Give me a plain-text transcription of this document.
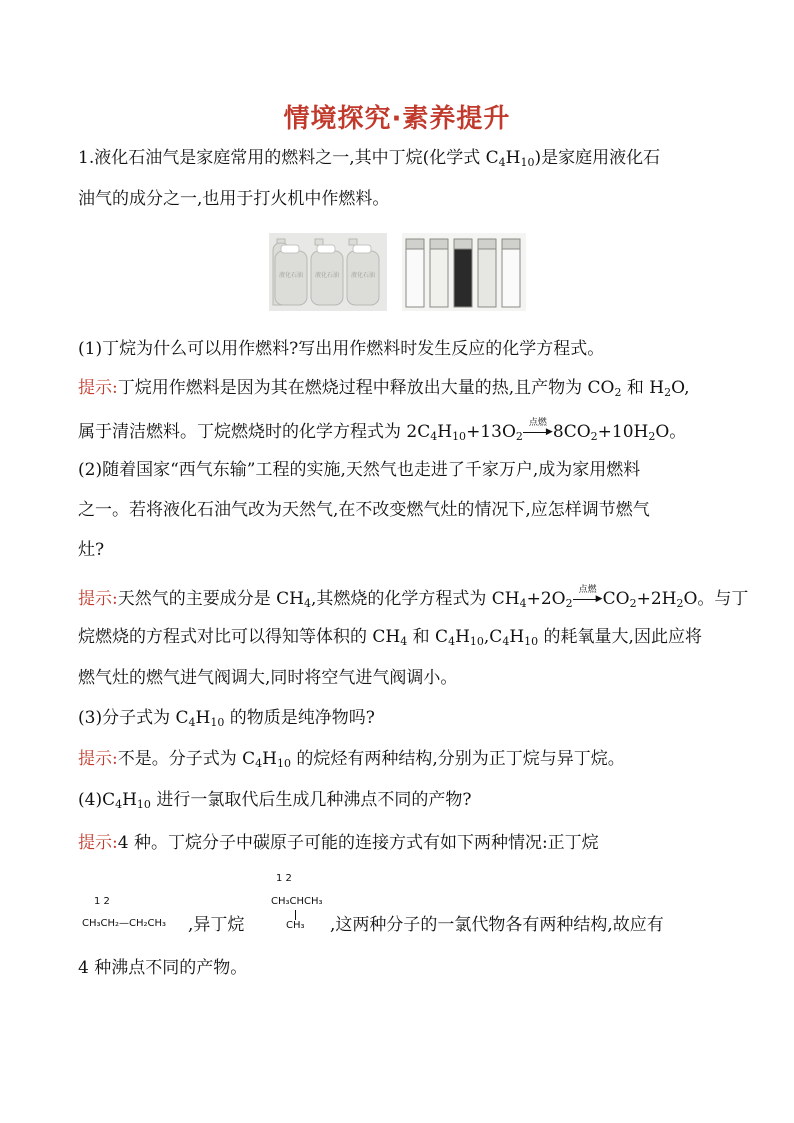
情境探究·素养提升
1.液化石油气是家庭常用的燃料之一,其中丁烷(化学式 $C_4H_{10}$)是家庭用液化石
油气的成分之一,也用于打火机中作燃料。
液化石油 液化石油 液化石油
(1)丁烷为什么可以用作燃料?写出用作燃料时发生反应的化学方程式。
提示:丁烷用作燃料是因为其在燃烧过程中释放出大量的热,且产物为 $CO_2$ 和 $H_2O$,
属于清洁燃料。丁烷燃烧时的化学方程式为 $2C_4H_{10}+13O_2$
点燃
▶ $8CO_2+10H_2O$。
(2)随着国家“西气东输”工程的实施,天然气也走进了千家万户,成为家用燃料
之一。若将液化石油气改为天然气,在不改变燃气灶的情况下,应怎样调节燃气
灶?
提示:天然气的主要成分是 $CH_4$,其燃烧的化学方程式为 $CH_4+2O_2$
点燃
▶ $CO_2+2H_2O$。与丁
烷燃烧的方程式对比可以得知等体积的 $CH_4$ 和 $C_4H_{10},C_4H_{10}$ 的耗氧量大,因此应将
燃气灶的燃气进气阀调大,同时将空气进气阀调小。
(3)分子式为 $C_4H_{10}$ 的物质是纯净物吗?
提示:不是。分子式为 $C_4H_{10}$ 的烷烃有两种结构,分别为正丁烷与异丁烷。
$(4)C_4H_{10}$ 进行一氯取代后生成几种沸点不同的产物?
提示:4 种。丁烷分子中碳原子可能的连接方式有如下两种情况:正丁烷
1 2
CH₃CH₂—CH₂CH₃ ,异丁烷
1 2
CH₃CHCH₃
CH₃ ,这两种分子的一氯代物各有两种结构,故应有
4 种沸点不同的产物。
